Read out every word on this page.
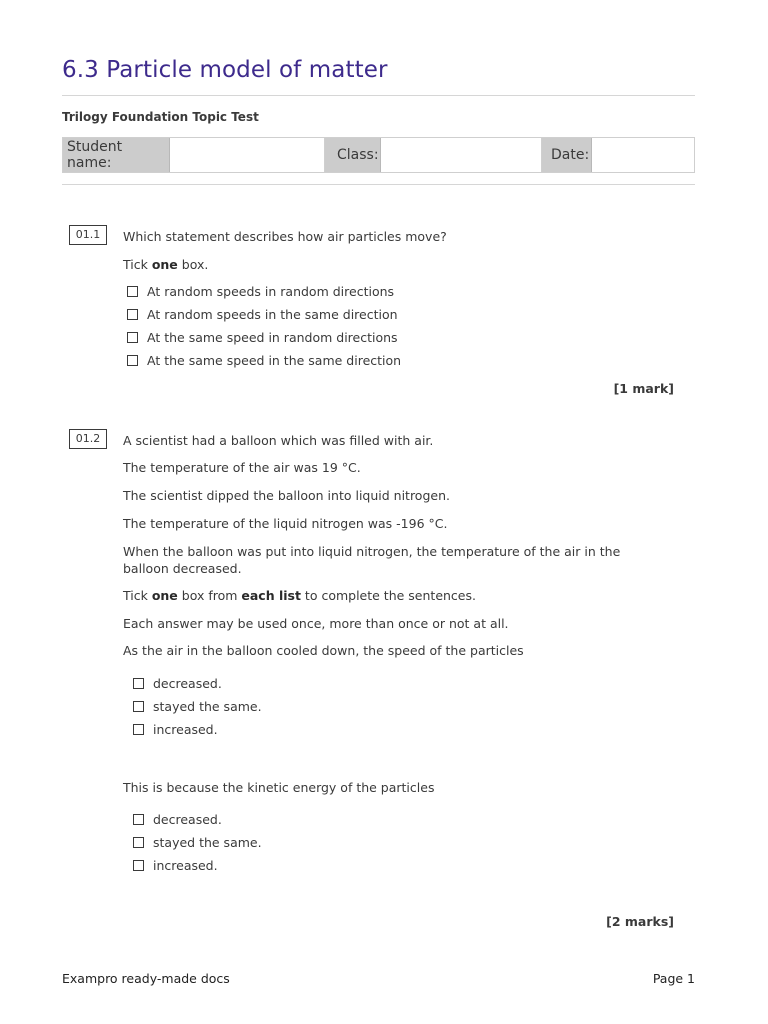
6.3 Particle model of matter
Trilogy Foundation Topic Test
Student name:	Class:	Date:
01.1	Which statement describes how air particles move?

Tick one box.

At random speeds in random directions
At random speeds in the same direction
At the same speed in random directions
At the same speed in the same direction
[1 mark]
01.2	A scientist had a balloon which was filled with air.

The temperature of the air was 19 °C.

The scientist dipped the balloon into liquid nitrogen.

The temperature of the liquid nitrogen was -196 °C.

When the balloon was put into liquid nitrogen, the temperature of the air in the balloon decreased.

Tick one box from each list to complete the sentences.

Each answer may be used once, more than once or not at all.

As the air in the balloon cooled down, the speed of the particles

decreased.
stayed the same.
increased.

This is because the kinetic energy of the particles

decreased.
stayed the same.
increased.
[2 marks]
Exampro ready-made docs	Page 1
